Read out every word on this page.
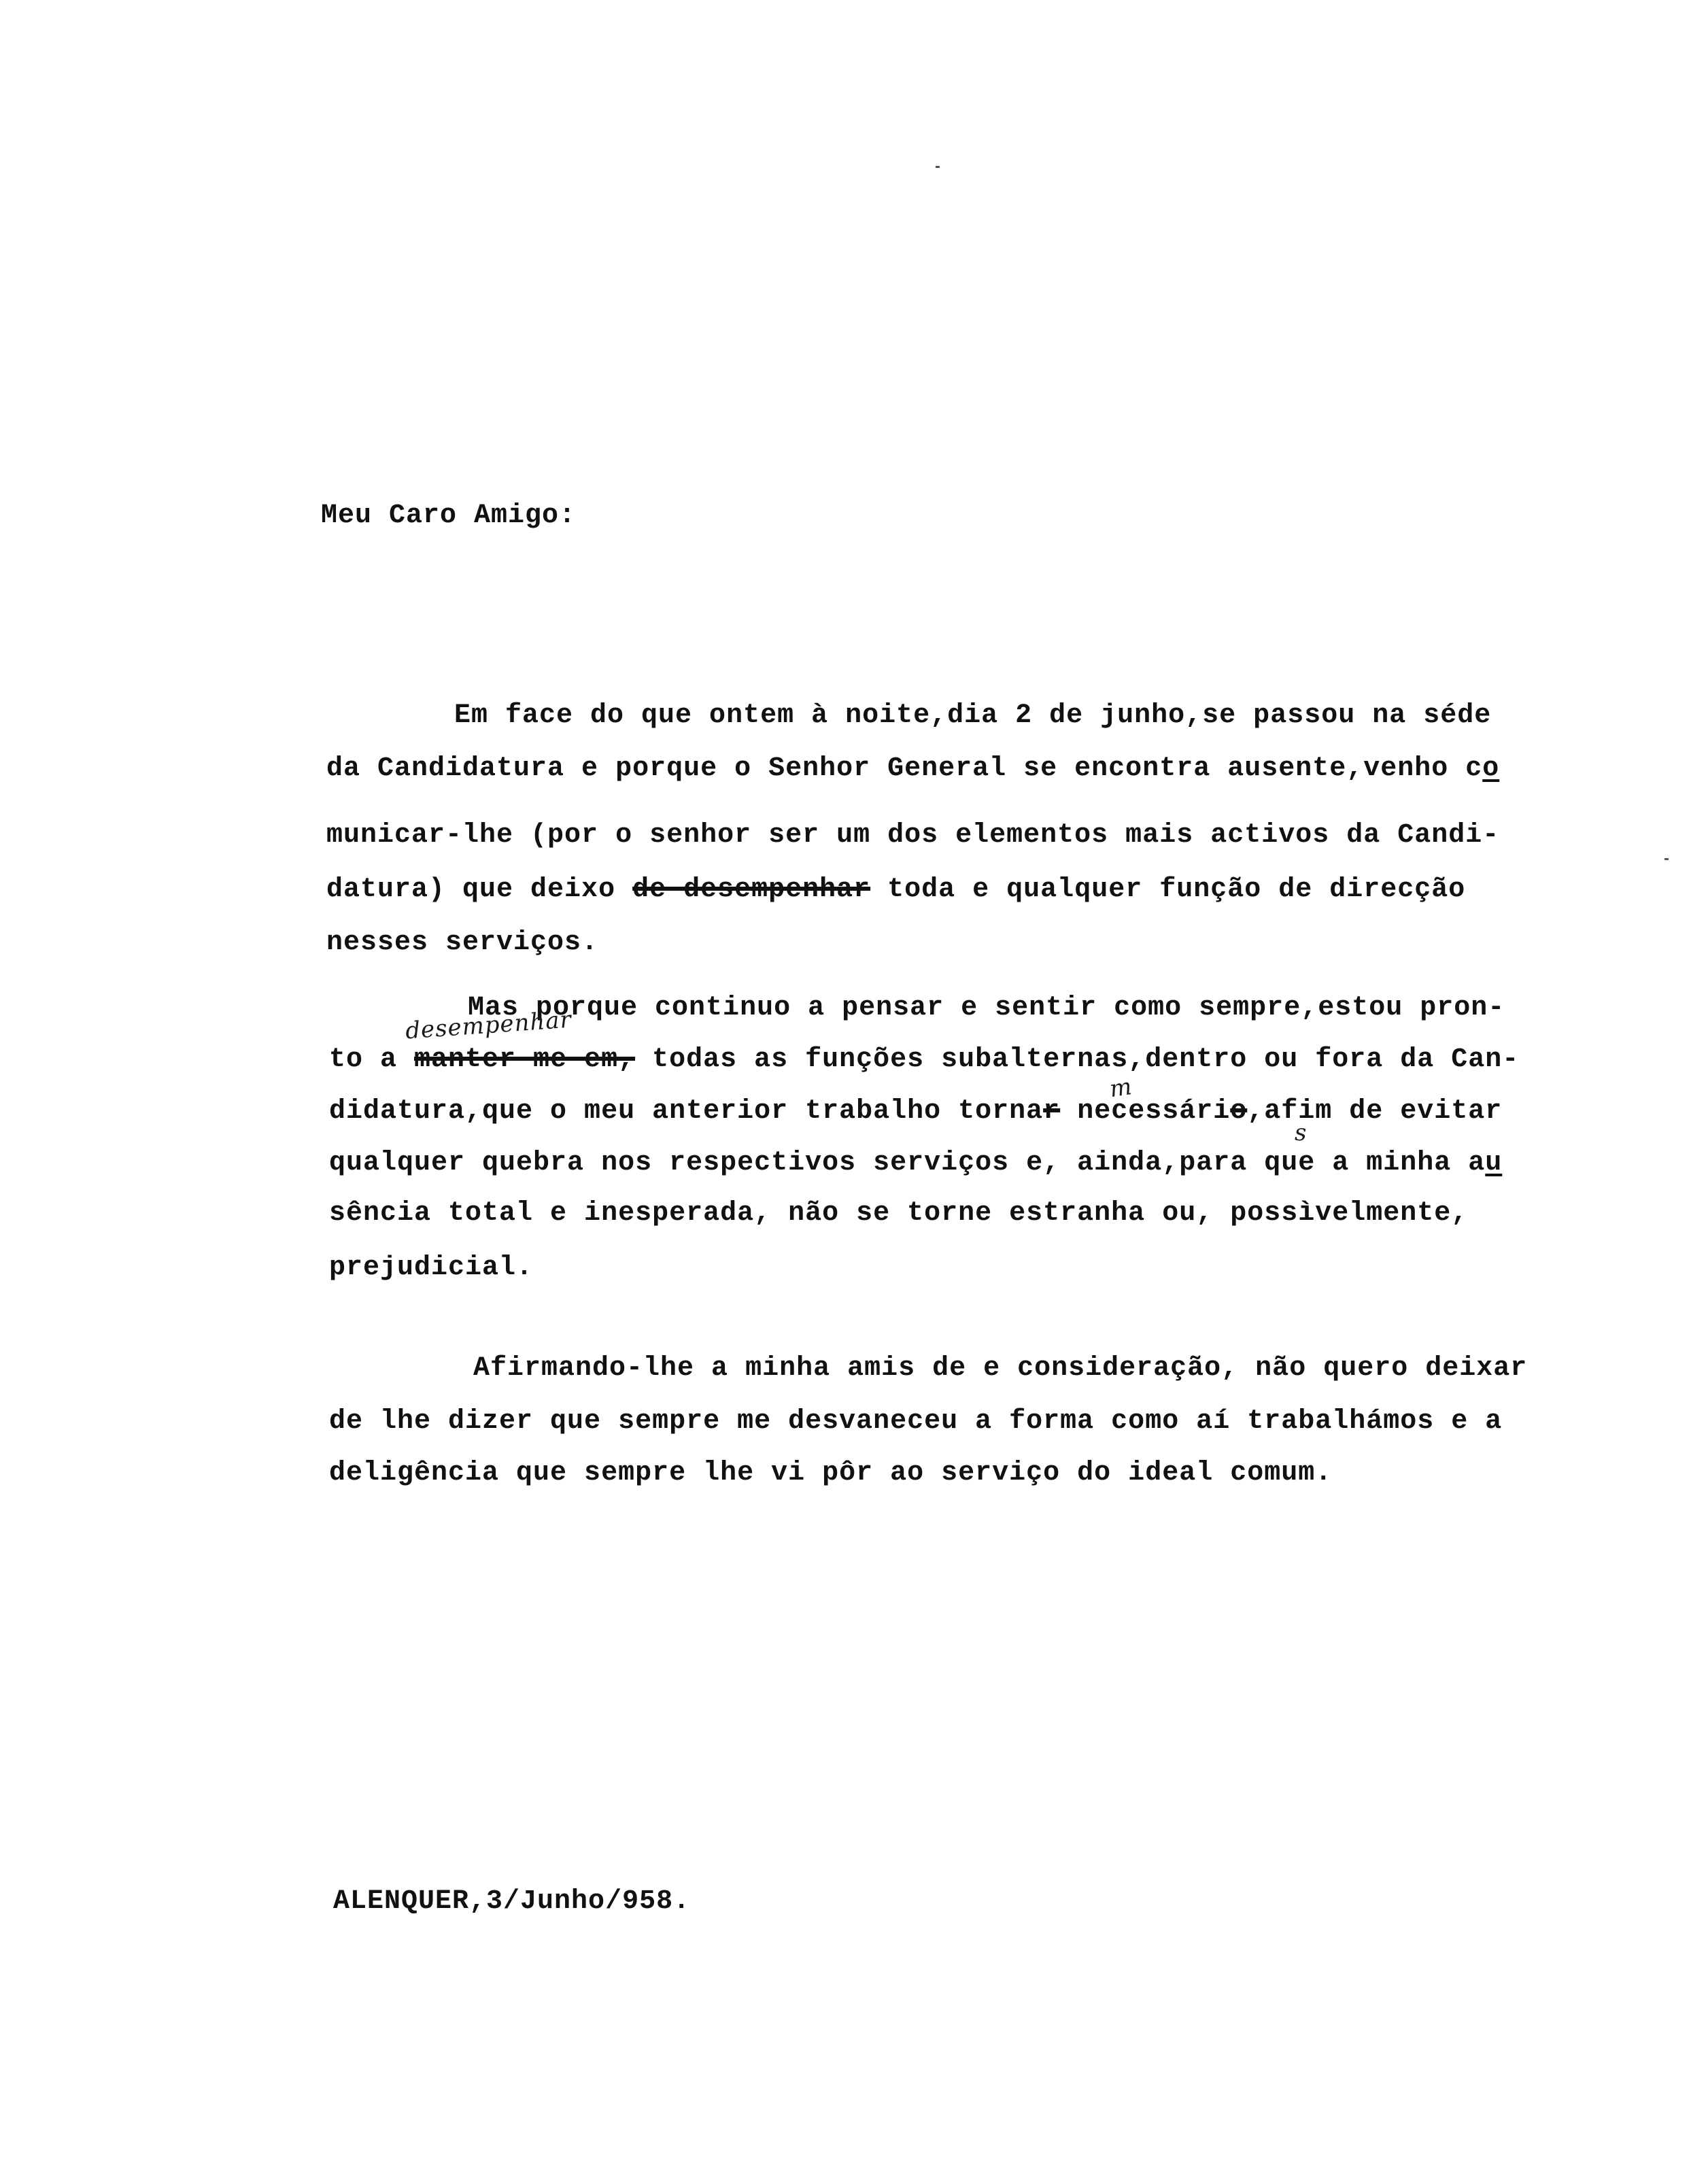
Meu Caro Amigo:
Em face do que ontem à noite,dia 2 de junho,se passou na séde
da Candidatura e porque o Senhor General se encontra ausente,venho co
municar-lhe (por o senhor ser um dos elementos mais activos da Candi-
datura) que deixo de desempenhar toda e qualquer função de direcção
nesses serviços.
Mas porque continuo a pensar e sentir como sempre,estou pron-
desempenhar
to a manter-me em, todas as funções subalternas,dentro ou fora da Can-
m
didatura,que o meu anterior trabalho tornar necessário,afim de evitar
s
qualquer quebra nos respectivos serviços e, ainda,para que a minha au
sência total e inesperada, não se torne estranha ou, possìvelmente,
prejudicial.
Afirmando-lhe a minha amis de e consideração, não quero deixar
de lhe dizer que sempre me desvaneceu a forma como aí trabalhámos e a
deligência que sempre lhe vi pôr ao serviço do ideal comum.
ALENQUER,3/Junho/958.
